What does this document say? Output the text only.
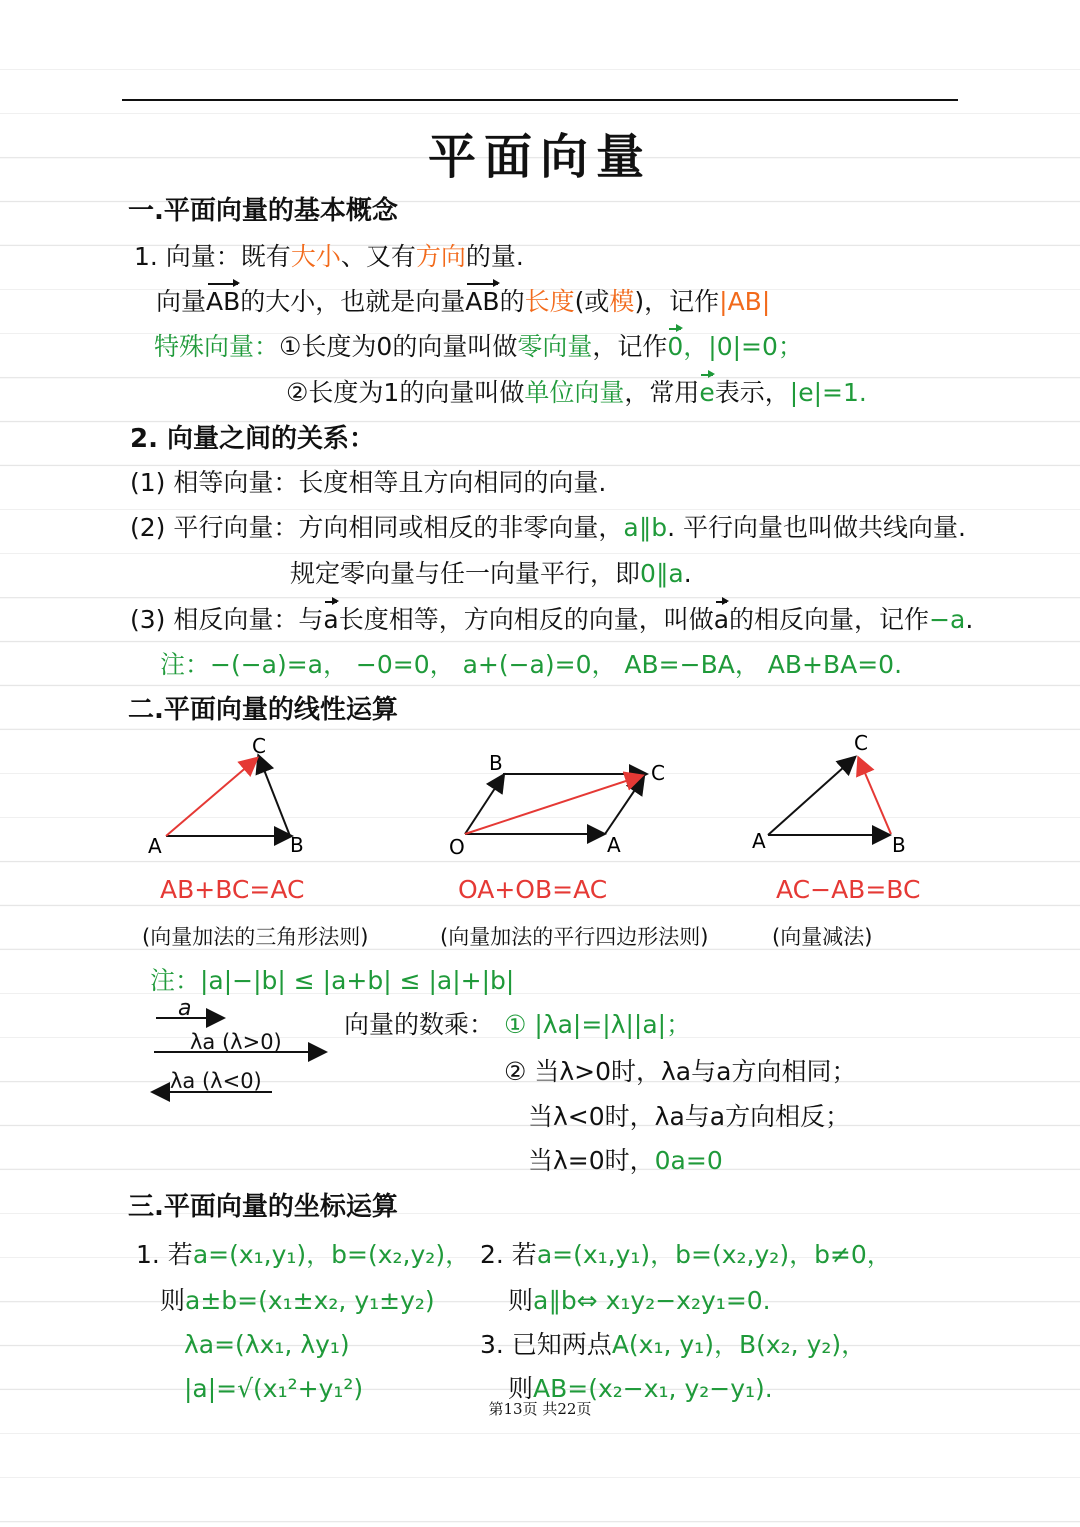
平面向量
一.平面向量的基本概念
1. 向量：既有大小、又有方向的量.
向量AB的大小，也就是向量AB的长度(或模)，记作|AB|
特殊向量：①长度为0的向量叫做零向量，记作0，|0|=0；
②长度为1的向量叫做单位向量，常用e表示，|e|=1.
2. 向量之间的关系：
(1) 相等向量：长度相等且方向相同的向量.
(2) 平行向量：方向相同或相反的非零向量，a∥b. 平行向量也叫做共线向量.
规定零向量与任一向量平行，即0∥a.
(3) 相反向量：与a长度相等，方向相反的向量，叫做a的相反向量，记作−a.
注：−(−a)=a， −0=0， a+(−a)=0， AB=−BA， AB+BA=0.
二.平面向量的线性运算
A	B
C
O	A
B	C
A	B
C
AB+BC=AC	OA+OB=AC	AC−AB=BC
(向量加法的三角形法则)	(向量加法的平行四边形法则)	(向量减法)
注：|a|−|b| ≤ |a+b| ≤ |a|+|b|
a
λa (λ>0)
λa (λ<0)
向量的数乘： ① |λa|=|λ||a|；
② 当λ>0时，λa与a方向相同；
当λ<0时，λa与a方向相反；
当λ=0时，0a=0
三.平面向量的坐标运算
1. 若a=(x₁,y₁)，b=(x₂,y₂)，
则a±b=(x₁±x₂, y₁±y₂)
λa=(λx₁, λy₁)
|a|=√(x₁²+y₁²)
2. 若a=(x₁,y₁)，b=(x₂,y₂)，b≠0，
则a∥b⇔ x₁y₂−x₂y₁=0.
3. 已知两点A(x₁, y₁)，B(x₂, y₂)，
则AB=(x₂−x₁, y₂−y₁).
第13页 共22页
